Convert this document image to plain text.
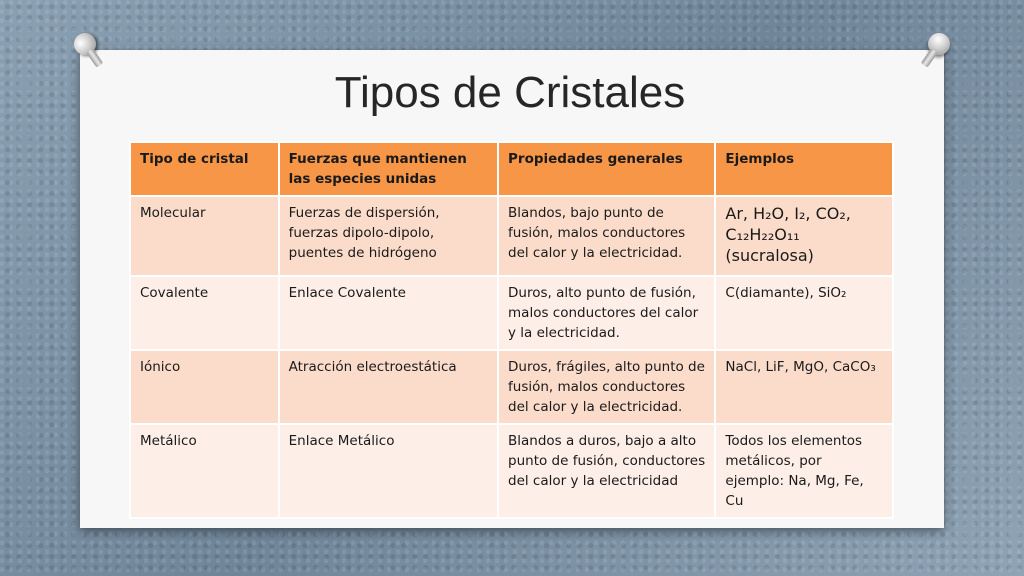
Tipos de Cristales
Tipo de cristal	Fuerzas que mantienen las especies unidas	Propiedades generales	Ejemplos
Molecular	Fuerzas de dispersión, fuerzas dipolo-dipolo, puentes de hidrógeno	Blandos, bajo punto de fusión, malos conductores del calor y la electricidad.	Ar, H₂O, I₂, CO₂, C₁₂H₂₂O₁₁ (sucralosa)
Covalente	Enlace Covalente	Duros, alto punto de fusión, malos conductores del calor y la electricidad.	C(diamante), SiO₂
Iónico	Atracción electroestática	Duros, frágiles, alto punto de fusión, malos conductores del calor y la electricidad.	NaCl, LiF, MgO, CaCO₃
Metálico	Enlace Metálico	Blandos a duros, bajo a alto punto de fusión, conductores del calor y la electricidad	Todos los elementos metálicos, por ejemplo: Na, Mg, Fe, Cu
